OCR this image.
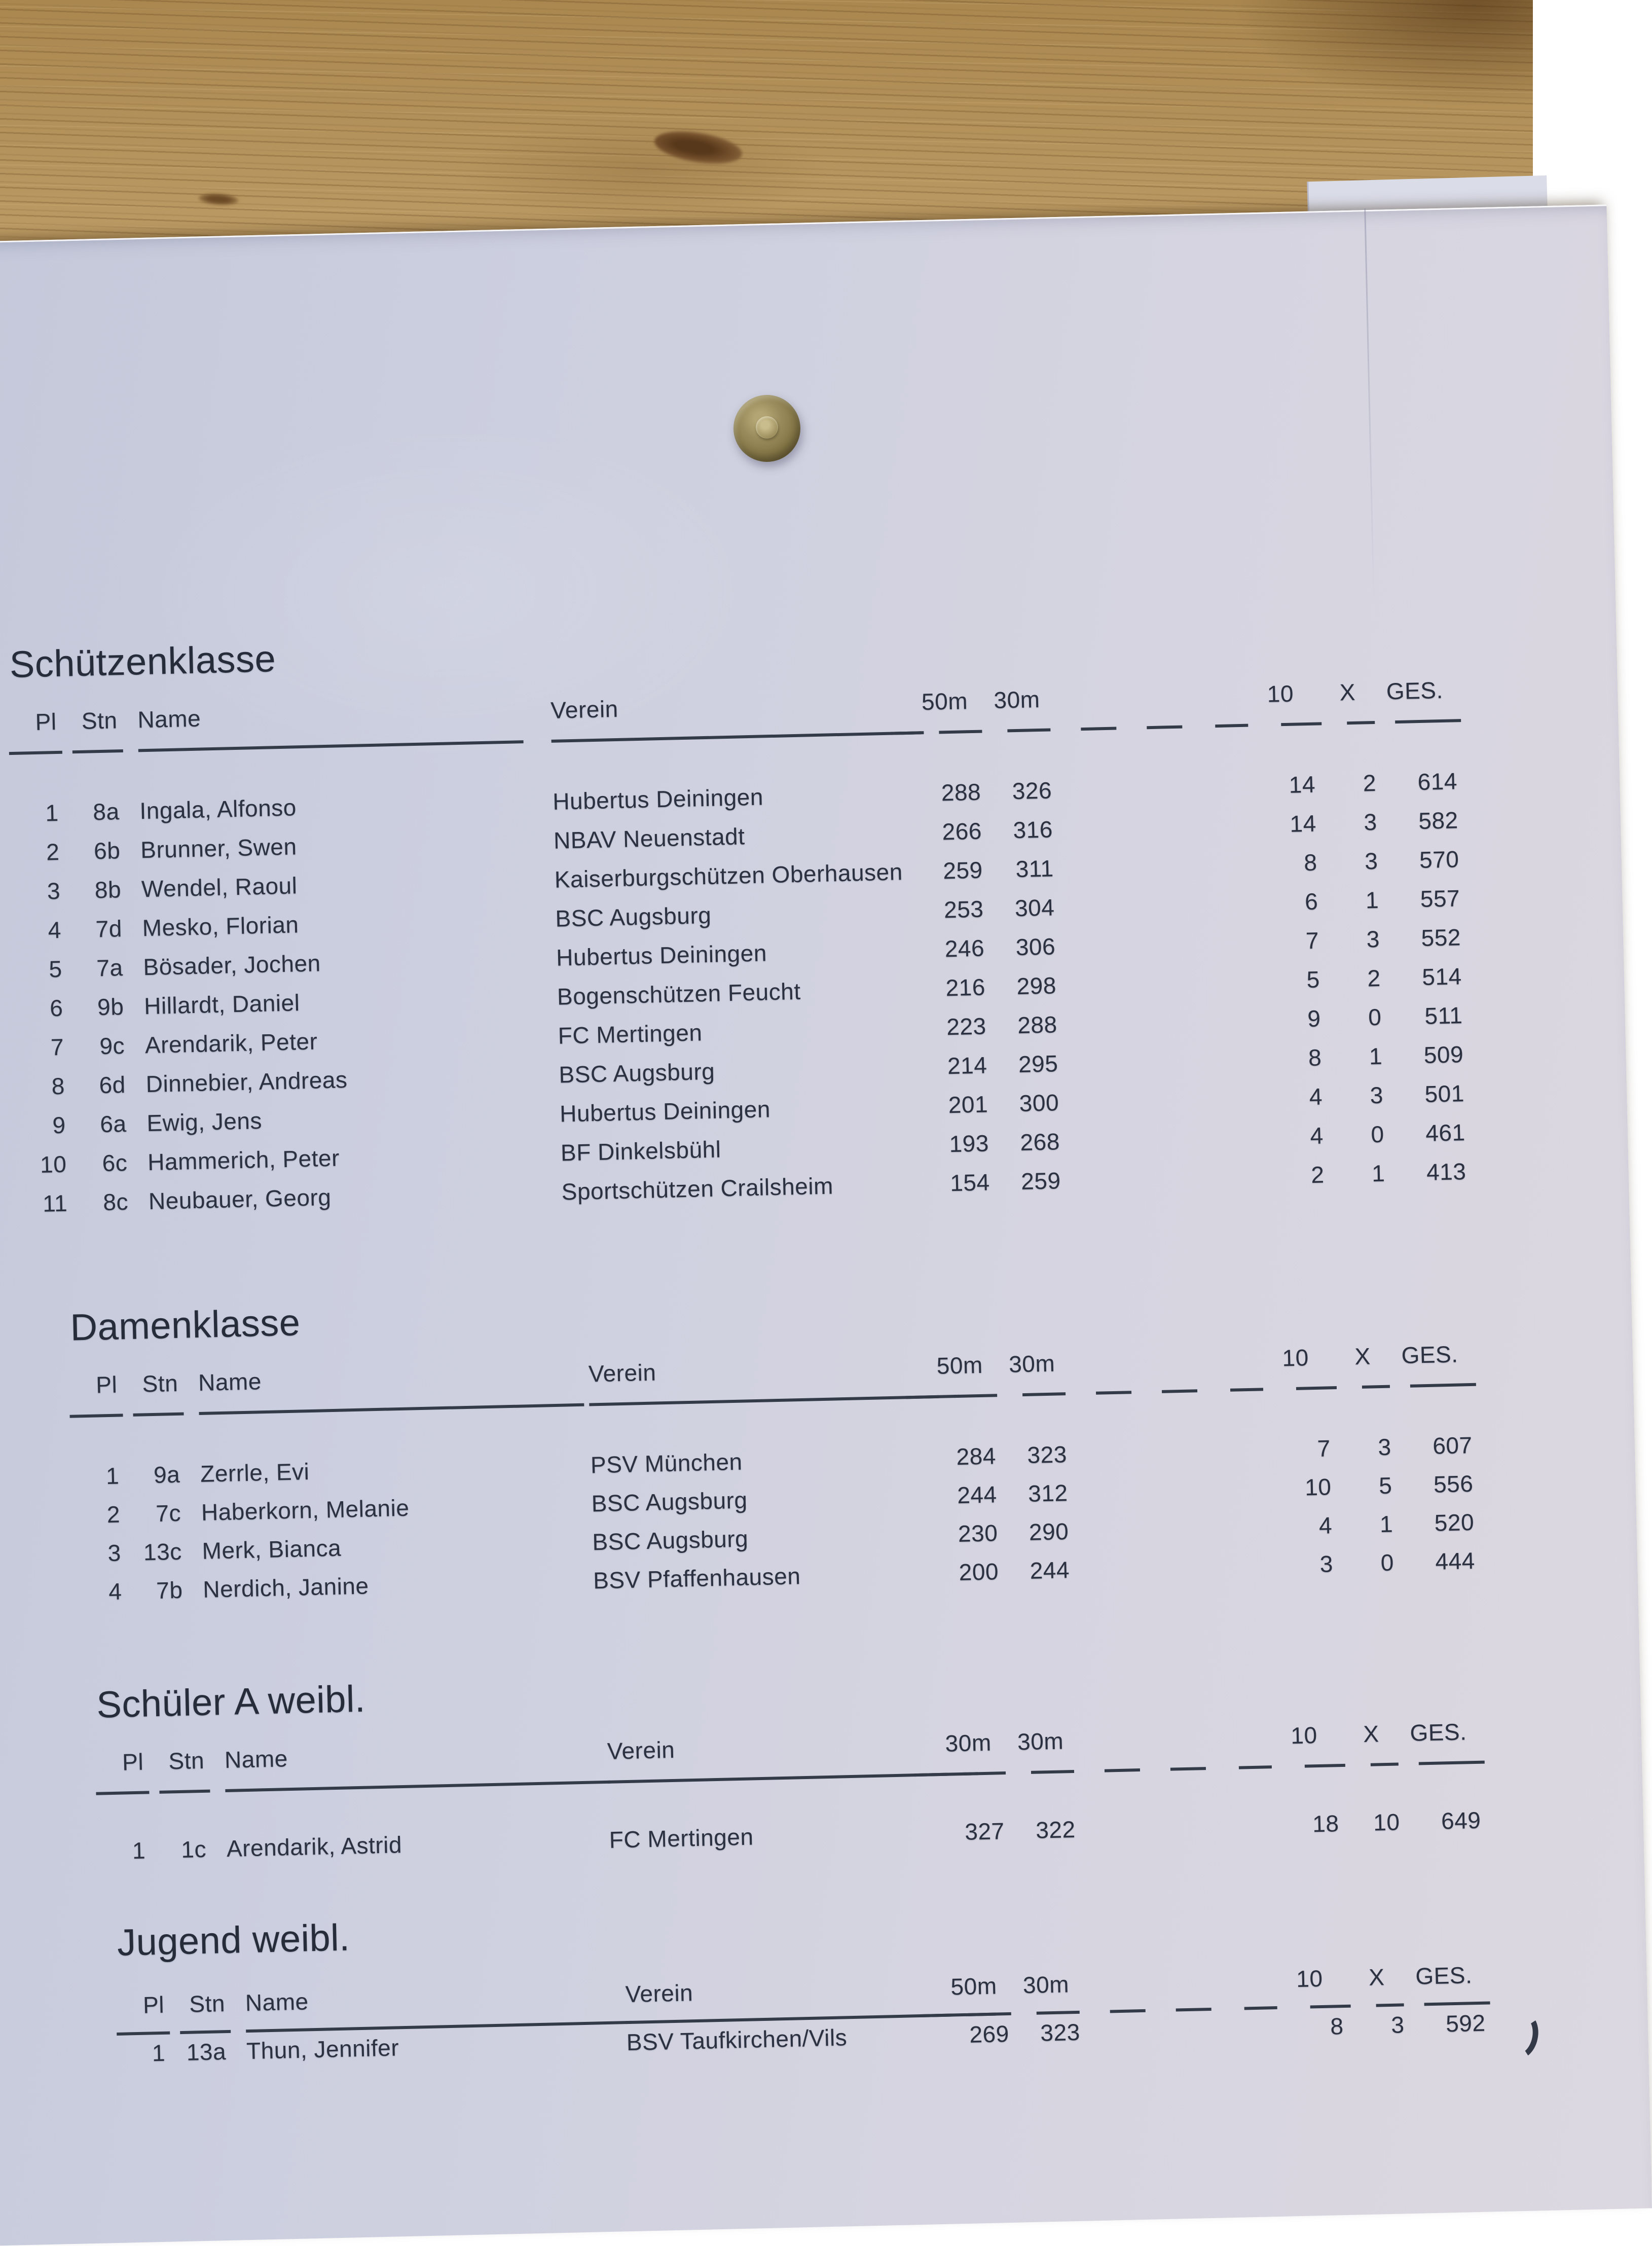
Schützenklasse
Pl	Stn Name	Verein	50m	30m	10	X	GES.
1	8a Ingala, Alfonso	Hubertus Deiningen	288	326	14	2	614
2	6b Brunner, Swen	NBAV Neuenstadt	266	316	14	3	582
3	8b Wendel, Raoul	Kaiserburgschützen Oberhausen	259	311	8	3	570
4	7d Mesko, Florian	BSC Augsburg	253	304	6	1	557
5	7a Bösader, Jochen	Hubertus Deiningen	246	306	7	3	552
6	9b Hillardt, Daniel	Bogenschützen Feucht	216	298	5	2	514
7	9c Arendarik, Peter	FC Mertingen	223	288	9	0	511
8	6d Dinnebier, Andreas	BSC Augsburg	214	295	8	1	509
9	6a Ewig, Jens	Hubertus Deiningen	201	300	4	3	501
10	6c Hammerich, Peter	BF Dinkelsbühl	193	268	4	0	461
11	8c Neubauer, Georg	Sportschützen Crailsheim	154	259	2	1	413
Damenklasse
Pl	Stn Name	Verein	50m	30m	10	X	GES.
1	9a Zerrle, Evi	PSV München	284	323	7	3	607
2	7c Haberkorn, Melanie	BSC Augsburg	244	312	10	5	556
3 13c Merk, Bianca	BSC Augsburg	230	290	4	1	520
4	7b Nerdich, Janine	BSV Pfaffenhausen	200	244	3	0	444
Schüler A weibl.
Pl	Stn Name	Verein	30m	30m	10	X	GES.
1	1c Arendarik, Astrid	FC Mertingen	327	322	18	10	649
Jugend weibl.
Pl	Stn Name	Verein	50m	30m	10	X	GES.
1 13a Thun, Jennifer	BSV Taufkirchen/Vils	269	323	8	3	592
